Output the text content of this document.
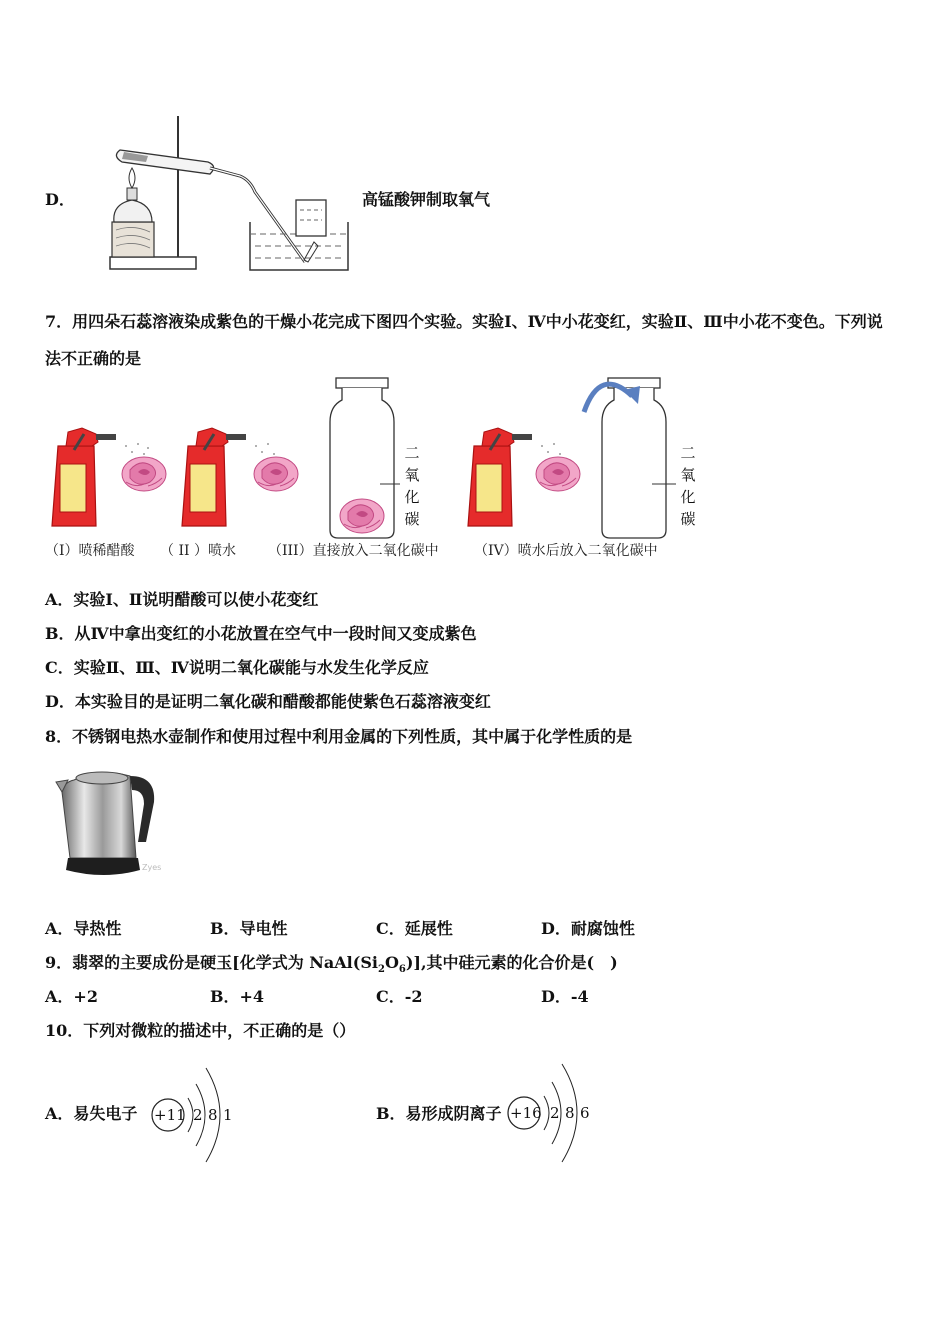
D．	高锰酸钾制取氧气
7．用四朵石蕊溶液染成紫色的干燥小花完成下图四个实验。实验Ⅰ、Ⅳ中小花变红，实验Ⅱ、Ⅲ中小花不变色。下列说
法不正确的是
二
氧
化
碳
二
氧
化
碳
（I）喷稀醋酸 （ II ）喷水 （III）直接放入二氧化碳中	（IV）喷水后放入二氧化碳中
A．实验Ⅰ、Ⅱ说明醋酸可以使小花变红
B．从Ⅳ中拿出变红的小花放置在空气中一段时间又变成紫色
C．实验Ⅱ、Ⅲ、Ⅳ说明二氧化碳能与水发生化学反应
D．本实验目的是证明二氧化碳和醋酸都能使紫色石蕊溶液变红
8．不锈钢电热水壶制作和使用过程中利用金属的下列性质，其中属于化学性质的是
Zyes
A．导热性	B．导电性	C．延展性	D．耐腐蚀性
9．翡翠的主要成份是硬玉[化学式为 $NaAl(Si_2O_6)$],其中硅元素的化合价是(　)
A．+2	B．+4	C．-2	D．-4
10．下列对微粒的描述中，不正确的是（）
A．易失电子 +11 2 8 1	B．易形成阴离子 +16 2 8 6
